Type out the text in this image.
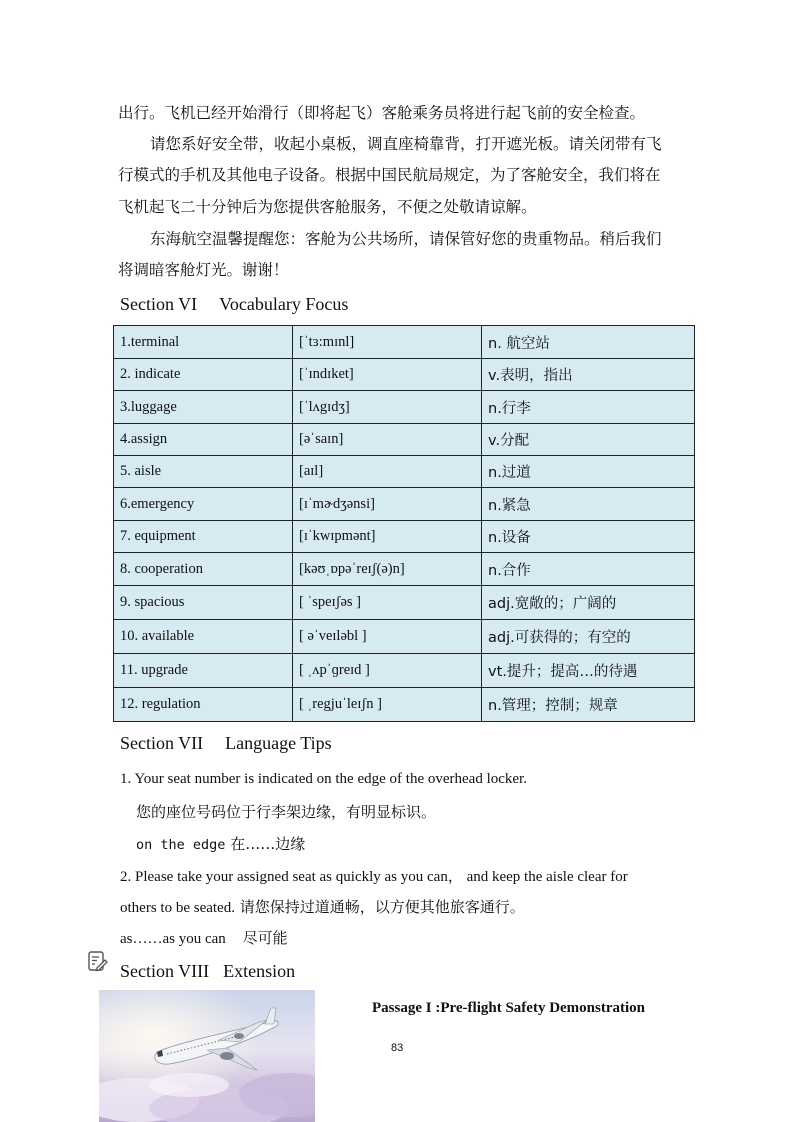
出行。飞机已经开始滑行（即将起飞）客舱乘务员将进行起飞前的安全检查。
请您系好安全带，收起小桌板，调直座椅靠背，打开遮光板。请关闭带有飞
行模式的手机及其他电子设备。根据中国民航局规定，为了客舱安全，我们将在
飞机起飞二十分钟后为您提供客舱服务，不便之处敬请谅解。
东海航空温馨提醒您：客舱为公共场所，请保管好您的贵重物品。稍后我们
将调暗客舱灯光。谢谢！
Section VI Vocabulary Focus
1.terminal	[ˈtɜ:mɪnl]	n. 航空站
2. indicate	[ˈɪndɪket]	v.表明，指出
3.luggage	[ˈlʌgɪdʒ]	n.行李
4.assign	[əˈsaɪn]	v.分配
5. aisle	[aɪl]	n.过道
6.emergency	[ɪˈmɚdʒənsi]	n.紧急
7. equipment	[ɪˈkwɪpmənt]	n.设备
8. cooperation	[kəʊˌɒpəˈreɪʃ(ə)n]	n.合作
9. spacious	[ ˈspeɪʃəs ]	adj.宽敞的；广阔的
10. available	[ əˈveɪləbl ]	adj.可获得的；有空的
11. upgrade	[ ˌʌpˈɡreɪd ]	vt.提升；提高…的待遇
12. regulation	[ ˌregjuˈleɪʃn ]	n.管理；控制；规章
Section VII Language Tips
1. Your seat number is indicated on the edge of the overhead locker.
您的座位号码位于行李架边缘，有明显标识。
on the edge 在……边缘
2. Please take your assigned seat as quickly as you can， and keep the aisle clear for
others to be seated. 请您保持过道通畅，以方便其他旅客通行。
as……as you can 尽可能
Section VIII Extension
Passage I :Pre-flight Safety Demonstration
83
